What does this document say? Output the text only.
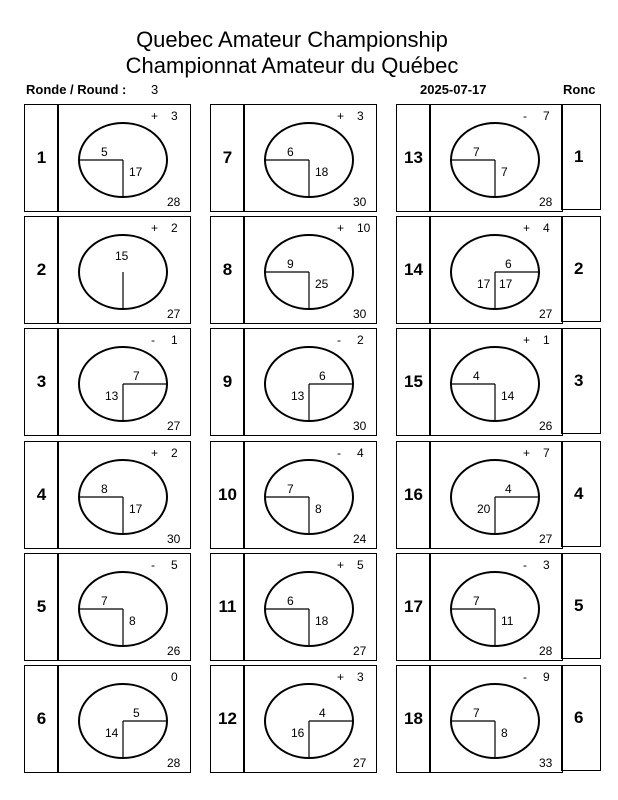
Quebec Amateur Championship
Championnat Amateur du Québec
Ronde / Round : 3	2025-07-17	Ronc
1	5
17
+ 3
28
2
15
+ 2
27
3	7
13
- 1
27
4	8
17
+ 2
30
5	7
8
- 5
26
6	5
14
0
28
7	6
18
+ 3
30
8	9
25
+ 10
30
9	6
13
- 2
30
10	7
8
- 4
24
11	6
18
+ 5
27
12	4
16
+ 3
27
13	7
7
- 7
28
1
14	6
17 17
+ 4
27
2
15	4
14
+ 1
26
3
16	4
20
+ 7
27
4
17	7
11
- 3
28
5
18	7
8
- 9
33
6
